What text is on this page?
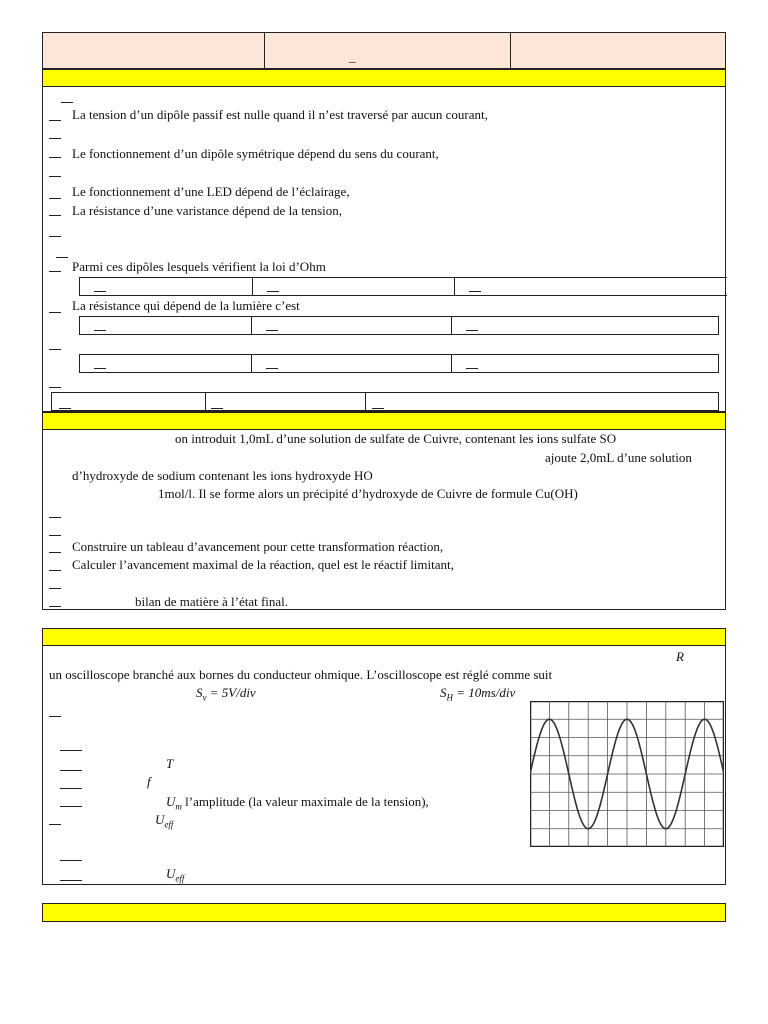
_
La tension d’un dipôle passif est nulle quand il n’est traversé par aucun courant,
Le fonctionnement d’un dipôle symétrique dépend du sens du courant,
Le fonctionnement d’une LED dépend de l’éclairage,
La résistance d’une varistance dépend de la tension,
Parmi ces dipôles lesquels vérifient la loi d’Ohm
La résistance qui dépend de la lumière c’est
on introduit 1,0mL d’une solution de sulfate de Cuivre, contenant les ions sulfate SO
ajoute 2,0mL d’une solution
d’hydroxyde de sodium contenant les ions hydroxyde HO
1mol/l. Il se forme alors un précipité d’hydroxyde de Cuivre de formule Cu(OH)
Construire un tableau d’avancement pour cette transformation réaction,
Calculer l’avancement maximal de la réaction, quel est le réactif limitant,
bilan de matière à l’état final.
R
un oscilloscope branché aux bornes du conducteur ohmique. L’oscilloscope est réglé comme suit
$S_v = 5V/div$	$S_H = 10ms/div$
T
f
$U_m$ l’amplitude (la valeur maximale de la tension),
$U_{eff}$
$U_{eff}$
